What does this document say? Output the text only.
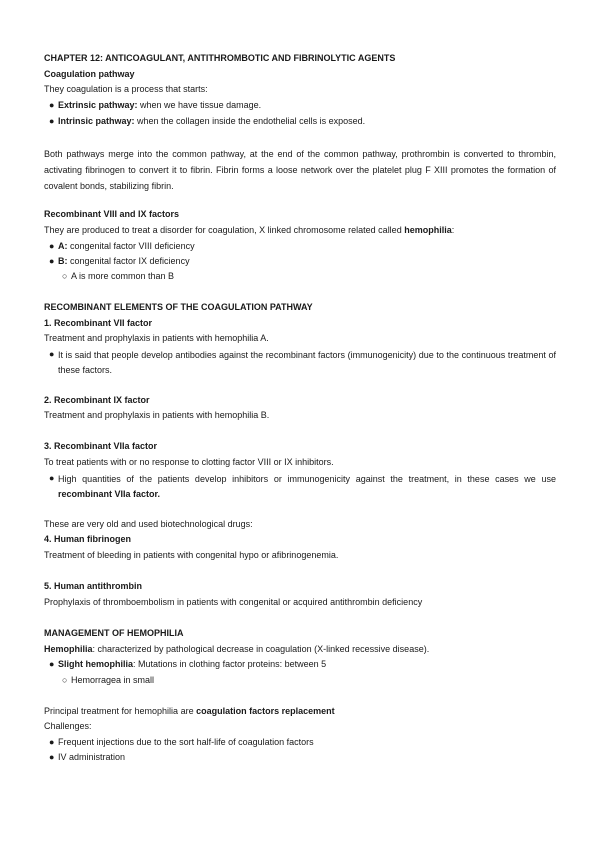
CHAPTER 12: ANTICOAGULANT, ANTITHROMBOTIC AND FIBRINOLYTIC AGENTS
Coagulation pathway
They coagulation is a process that starts:
● Extrinsic pathway: when we have tissue damage.
● Intrinsic pathway: when the collagen inside the endothelial cells is exposed.
Both pathways merge into the common pathway, at the end of the common pathway, prothrombin is converted to thrombin, activating fibrinogen to convert it to fibrin. Fibrin forms a loose network over the platelet plug F XIII promotes the formation of covalent bonds, stabilizing fibrin.
Recombinant VIII and IX factors
They are produced to treat a disorder for coagulation, X linked chromosome related called hemophilia:
● A: congenital factor VIII deficiency
● B: congenital factor IX deficiency
○ A is more common than B
RECOMBINANT ELEMENTS OF THE COAGULATION PATHWAY
1. Recombinant VII factor
Treatment and prophylaxis in patients with hemophilia A.
● It is said that people develop antibodies against the recombinant factors (immunogenicity) due to the continuous treatment of these factors.
2. Recombinant IX factor
Treatment and prophylaxis in patients with hemophilia B.
3. Recombinant VIIa factor
To treat patients with or no response to clotting factor VIII or IX inhibitors.
● High quantities of the patients develop inhibitors or immunogenicity against the treatment, in these cases we use recombinant VIIa factor.
These are very old and used biotechnological drugs:
4. Human fibrinogen
Treatment of bleeding in patients with congenital hypo or afibrinogenemia.
5. Human antithrombin
Prophylaxis of thromboembolism in patients with congenital or acquired antithrombin deficiency
MANAGEMENT OF HEMOPHILIA
Hemophilia: characterized by pathological decrease in coagulation (X-linked recessive disease).
● Slight hemophilia: Mutations in clothing factor proteins: between 5
○ Hemorragea in small
Principal treatment for hemophilia are coagulation factors replacement
Challenges:
● Frequent injections due to the sort half-life of coagulation factors
● IV administration
